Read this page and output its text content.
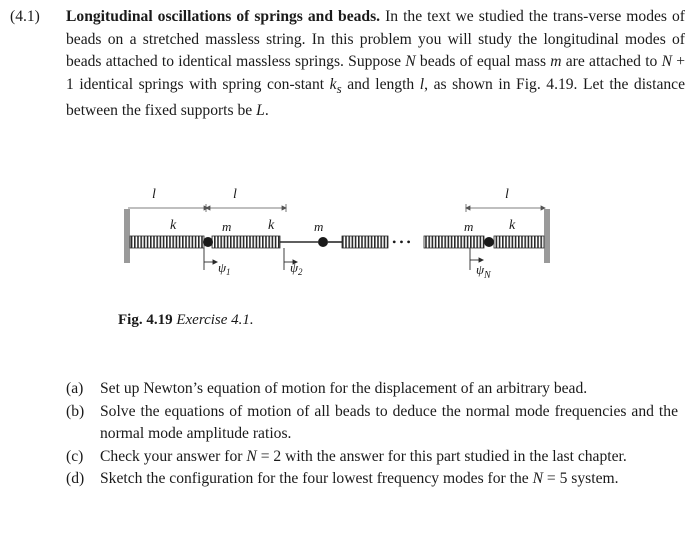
(4.1)	Longitudinal oscillations of springs and beads. In the text we studied the trans-verse modes of beads on a stretched massless string. In this problem you will study the longitudinal modes of beads attached to identical massless springs. Suppose N beads of equal mass m are attached to N + 1 identical springs with spring con-stant $k_s$ and length l, as shown in Fig. 4.19. Let the distance between the fixed supports be L.
l	l	l
• • •
k	m	k	m	m	k
ψ 1	ψ 2	ψ N
Fig. 4.19 Exercise 4.1.
(a) Set up Newton’s equation of motion for the displacement of an arbitrary bead.
(b) Solve the equations of motion of all beads to deduce the normal mode frequencies and the normal mode amplitude ratios.
(c) Check your answer for N = 2 with the answer for this part studied in the last chapter.
(d) Sketch the configuration for the four lowest frequency modes for the N = 5 system.
